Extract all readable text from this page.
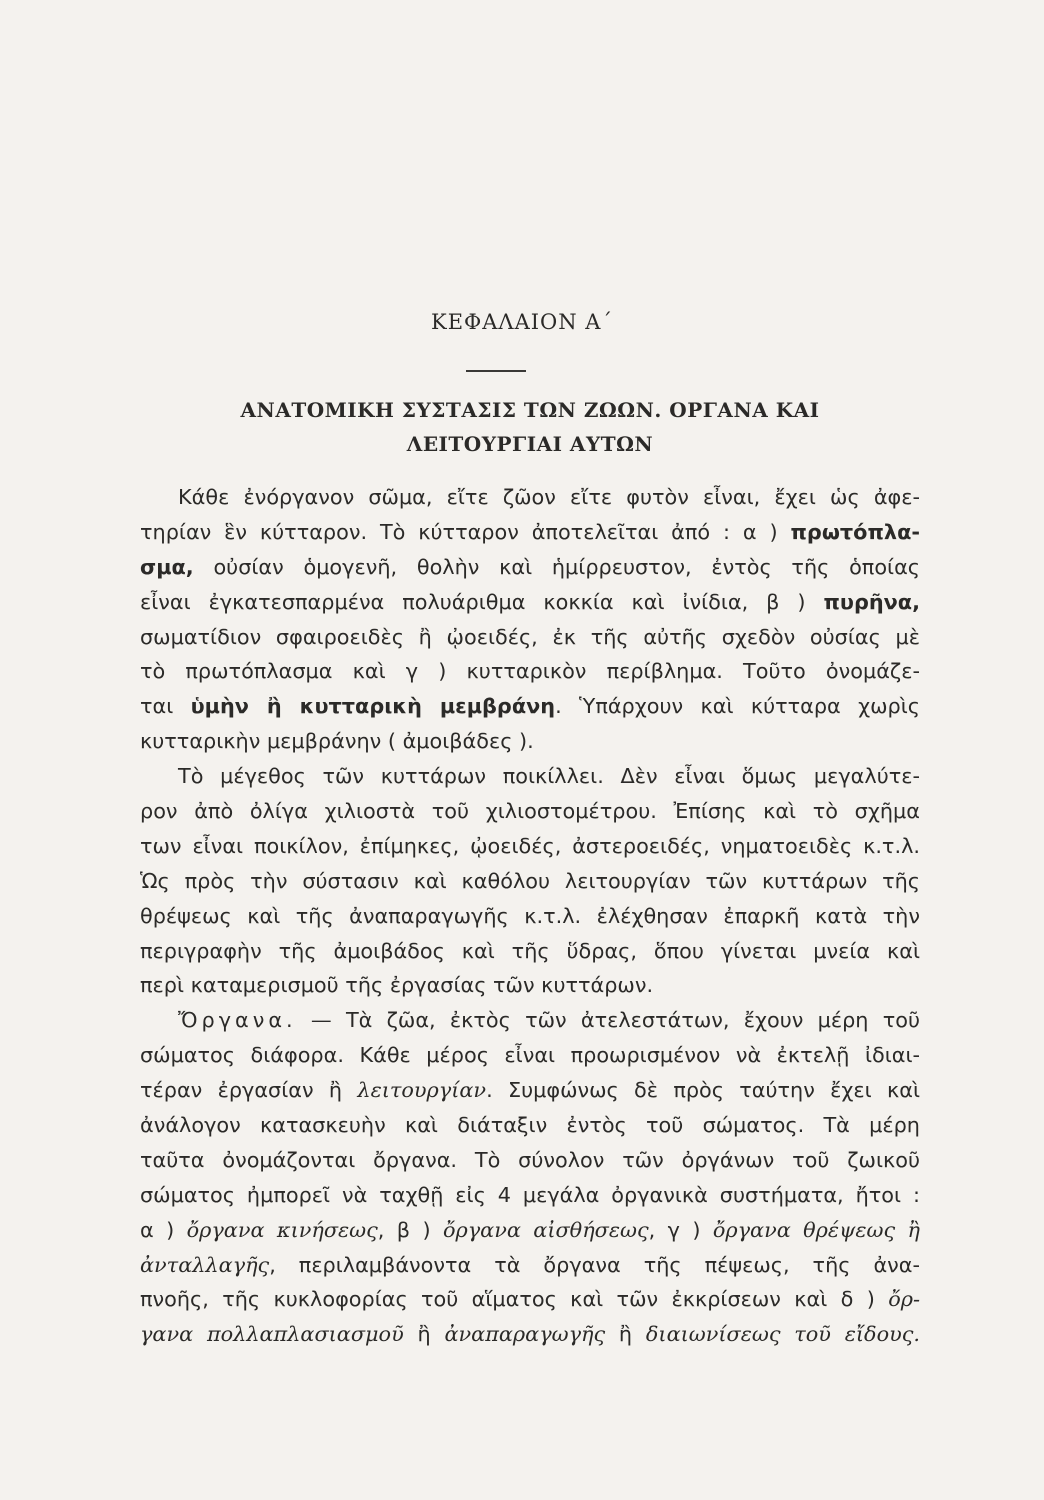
ΚΕΦΑΛΑΙΟΝ Α΄
ΑΝΑΤΟΜΙΚΗ ΣΥΣΤΑΣΙΣ ΤΩΝ ΖΩΩΝ. ΟΡΓΑΝΑ ΚΑΙ
ΛΕΙΤΟΥΡΓΙΑΙ ΑΥΤΩΝ
Κάθε ἐνόργανον σῶμα, εἴτε ζῶον εἴτε φυτὸν εἶναι, ἔχει ὡς ἀφε-
τηρίαν ἓν κύτταρον. Τὸ κύτταρον ἀποτελεῖται ἀπό : α ) πρωτόπλα-
σμα, οὐσίαν ὁμογενῆ, θολὴν καὶ ἡμίρρευστον, ἐντὸς τῆς ὁποίας
εἶναι ἐγκατεσπαρμένα πολυάριθμα κοκκία καὶ ἰνίδια, β ) πυρῆνα,
σωματίδιον σφαιροειδὲς ἢ ᾠοειδές, ἐκ τῆς αὐτῆς σχεδὸν οὐσίας μὲ
τὸ πρωτόπλασμα καὶ γ ) κυτταρικὸν περίβλημα. Τοῦτο ὀνομάζε-
ται ὑμὴν ἢ κυτταρικὴ μεμβράνη. Ὑπάρχουν καὶ κύτταρα χωρὶς
κυτταρικὴν μεμβράνην ( ἀμοιβάδες ).
Τὸ μέγεθος τῶν κυττάρων ποικίλλει. Δὲν εἶναι ὅμως μεγαλύτε-
ρον ἀπὸ ὀλίγα χιλιοστὰ τοῦ χιλιοστομέτρου. Ἐπίσης καὶ τὸ σχῆμα
των εἶναι ποικίλον, ἐπίμηκες, ᾠοειδές, ἀστεροειδές, νηματοειδὲς κ.τ.λ.
Ὡς πρὸς τὴν σύστασιν καὶ καθόλου λειτουργίαν τῶν κυττάρων τῆς
θρέψεως καὶ τῆς ἀναπαραγωγῆς κ.τ.λ. ἐλέχθησαν ἐπαρκῆ κατὰ τὴν
περιγραφὴν τῆς ἀμοιβάδος καὶ τῆς ὕδρας, ὅπου γίνεται μνεία καὶ
περὶ καταμερισμοῦ τῆς ἐργασίας τῶν κυττάρων.
Ὄργανα. — Τὰ ζῶα, ἐκτὸς τῶν ἀτελεστάτων, ἔχουν μέρη τοῦ
σώματος διάφορα. Κάθε μέρος εἶναι προωρισμένον νὰ ἐκτελῇ ἰδιαι-
τέραν ἐργασίαν ἢ λειτουργίαν. Συμφώνως δὲ πρὸς ταύτην ἔχει καὶ
ἀνάλογον κατασκευὴν καὶ διάταξιν ἐντὸς τοῦ σώματος. Τὰ μέρη
ταῦτα ὀνομάζονται ὄργανα. Τὸ σύνολον τῶν ὀργάνων τοῦ ζωικοῦ
σώματος ἠμπορεῖ νὰ ταχθῇ εἰς 4 μεγάλα ὀργανικὰ συστήματα, ἤτοι :
α ) ὄργανα κινήσεως, β ) ὄργανα αἰσθήσεως, γ ) ὄργανα θρέψεως ἢ
ἀνταλλαγῆς, περιλαμβάνοντα τὰ ὄργανα τῆς πέψεως, τῆς ἀνα-
πνοῆς, τῆς κυκλοφορίας τοῦ αἵματος καὶ τῶν ἐκκρίσεων καὶ δ ) ὄρ-
γανα πολλαπλασιασμοῦ ἢ ἀναπαραγωγῆς ἢ διαιωνίσεως τοῦ εἴδους.
